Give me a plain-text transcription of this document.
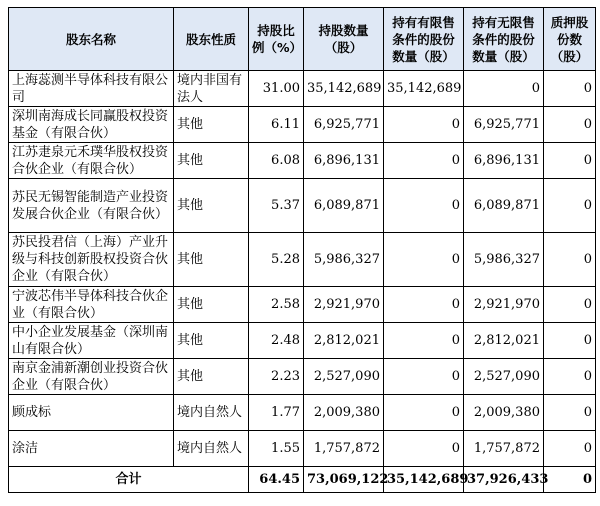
股东名称	股东性质	持股比例（%）	持股数量（股）	持有有限售条件的股份数量（股）	持有无限售条件的股份数量（股）	质押股份数（股）
上海蕊测半导体科技有限公司	境内非国有法人	31.00	35,142,689	35,142,689	0	0
深圳南海成长同赢股权投资基金（有限合伙）	其他	6.11	6,925,771	0	6,925,771	0
江苏疌泉元禾璞华股权投资合伙企业（有限合伙）	其他	6.08	6,896,131	0	6,896,131	0
苏民无锡智能制造产业投资发展合伙企业（有限合伙）	其他	5.37	6,089,871	0	6,089,871	0
苏民投君信（上海）产业升级与科技创新股权投资合伙企业（有限合伙）	其他	5.28	5,986,327	0	5,986,327	0
宁波芯伟半导体科技合伙企业（有限合伙）	其他	2.58	2,921,970	0	2,921,970	0
中小企业发展基金（深圳南山有限合伙）	其他	2.48	2,812,021	0	2,812,021	0
南京金浦新潮创业投资合伙企业（有限合伙）	其他	2.23	2,527,090	0	2,527,090	0
顾成标	境内自然人	1.77	2,009,380	0	2,009,380	0
涂洁	境内自然人	1.55	1,757,872	0	1,757,872	0
合计		64.45	73,069,122	35,142,689	37,926,433	0
